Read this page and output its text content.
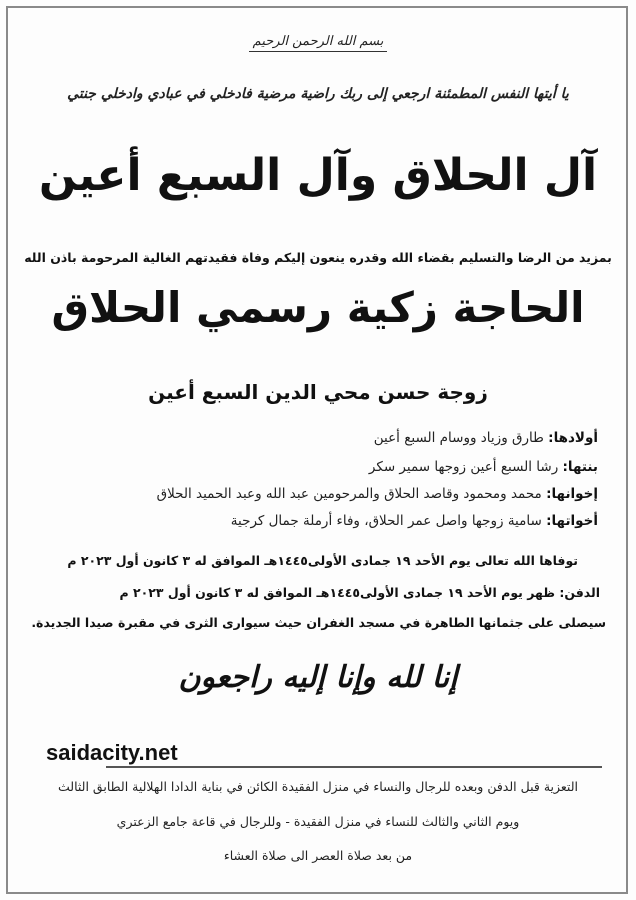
بسم الله الرحمن الرحيم
يا أيتها النفس المطمئنة ارجعي إلى ربك راضية مرضية فادخلي في عبادي وادخلي جنتي
آل الحلاق وآل السبع أعين
بمزيد من الرضا والتسليم بقضاء الله وقدره ينعون إليكم وفاة فقيدتهم الغالية المرحومة باذن الله
الحاجة زكية رسمي الحلاق
زوجة حسن محي الدين السبع أعين
أولادها: طارق وزياد ووسام السبع أعين
بنتها: رشا السبع أعين زوجها سمير سكر
إخوانها: محمد ومحمود وقاصد الحلاق والمرحومين عبد الله وعبد الحميد الحلاق
أخواتها: سامية زوجها واصل عمر الحلاق، وفاء أرملة جمال كرجية
توفاها الله تعالى يوم الأحد ١٩ جمادى الأولى١٤٤٥هـ الموافق له ٣ كانون أول ٢٠٢٣ م
الدفن: ظهر يوم الأحد ١٩ جمادى الأولى١٤٤٥هـ الموافق له ٣ كانون أول ٢٠٢٣ م
سيصلى على جثمانها الطاهرة في مسجد الغفران حيث سيوارى الثرى في مقبرة صيدا الجديدة.
إنا لله وإنا إليه راجعون
saidacity.net
التعزية قبل الدفن وبعده للرجال والنساء في منزل الفقيدة الكائن في بناية الدادا الهلالية الطابق الثالث
ويوم الثاني والثالث للنساء في منزل الفقيدة - وللرجال في قاعة جامع الزعتري
من بعد صلاة العصر الى صلاة العشاء
